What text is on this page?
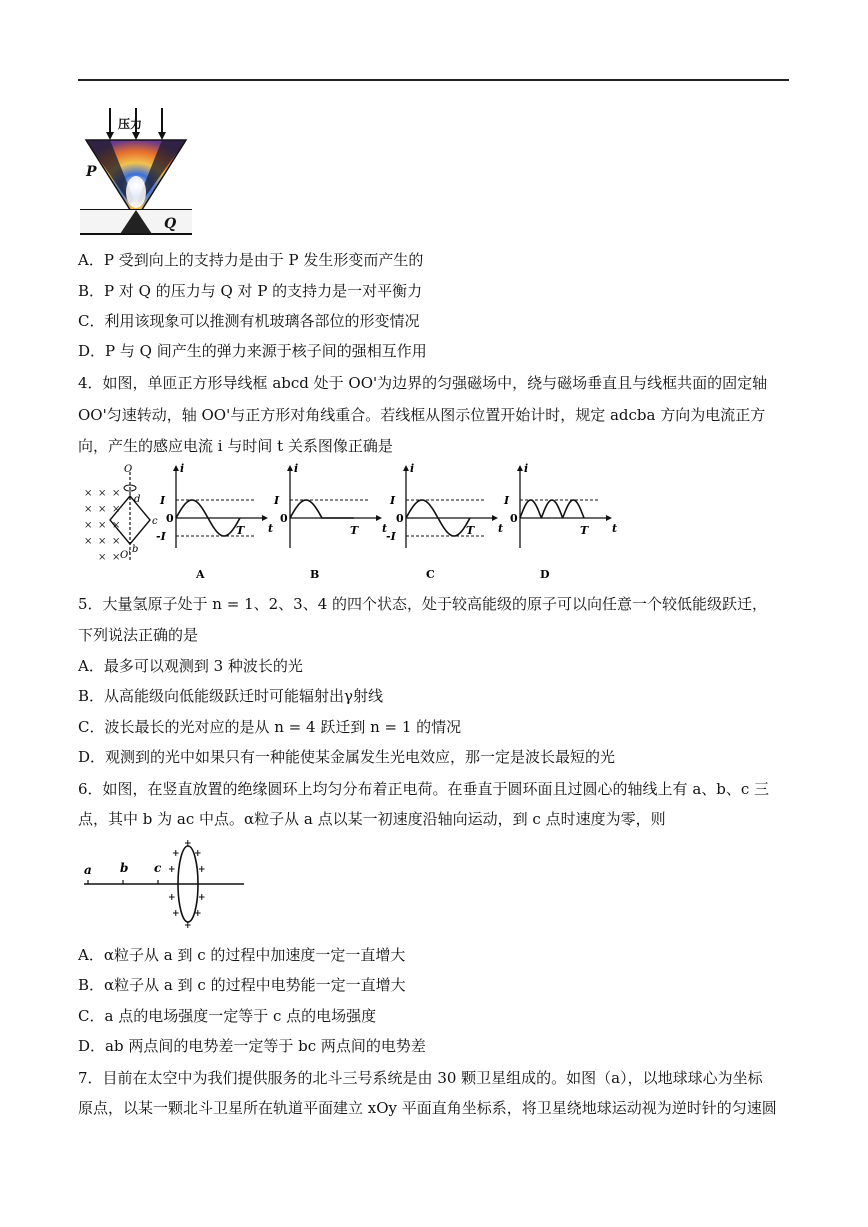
压力
P
Q
A．P 受到向上的支持力是由于 P 发生形变而产生的
B．P 对 Q 的压力与 Q 对 P 的支持力是一对平衡力
C．利用该现象可以推测有机玻璃各部位的形变情况
D．P 与 Q 间产生的弹力来源于核子间的强相互作用
4．如图，单匝正方形导线框 abcd 处于 OO'为边界的匀强磁场中，绕与磁场垂直且与线框共面的固定轴
OO'匀速转动，轴 OO'与正方形对角线重合。若线框从图示位置开始计时，规定 adcba 方向为电流正方
向，产生的感应电流 i 与时间 t 关系图像正确是
× × ×
× × ×
× × ×
× × ×
× ×
O
O'
d
c
b
i
t
I
0
T
-I
A
i
t
I
0
T
B
i
t
I
0
T
-I
C
i
t
I
0
T
D
5．大量氢原子处于 n = 1、2、3、4 的四个状态，处于较高能级的原子可以向任意一个较低能级跃迁，
下列说法正确的是
A．最多可以观测到 3 种波长的光
B．从高能级向低能级跃迁时可能辐射出γ射线
C．波长最长的光对应的是从 n = 4 跃迁到 n = 1 的情况
D．观测到的光中如果只有一种能使某金属发生光电效应，那一定是波长最短的光
6．如图，在竖直放置的绝缘圆环上均匀分布着正电荷。在垂直于圆环面且过圆心的轴线上有 a、b、c 三
点，其中 b 为 ac 中点。α粒子从 a 点以某一初速度沿轴向运动，到 c 点时速度为零，则
+
+ +
+ +
+ +
+ +
+
a b c
A．α粒子从 a 到 c 的过程中加速度一定一直增大
B．α粒子从 a 到 c 的过程中电势能一定一直增大
C．a 点的电场强度一定等于 c 点的电场强度
D．ab 两点间的电势差一定等于 bc 两点间的电势差
7．目前在太空中为我们提供服务的北斗三号系统是由 30 颗卫星组成的。如图（a），以地球球心为坐标
原点，以某一颗北斗卫星所在轨道平面建立 xOy 平面直角坐标系，将卫星绕地球运动视为逆时针的匀速圆
